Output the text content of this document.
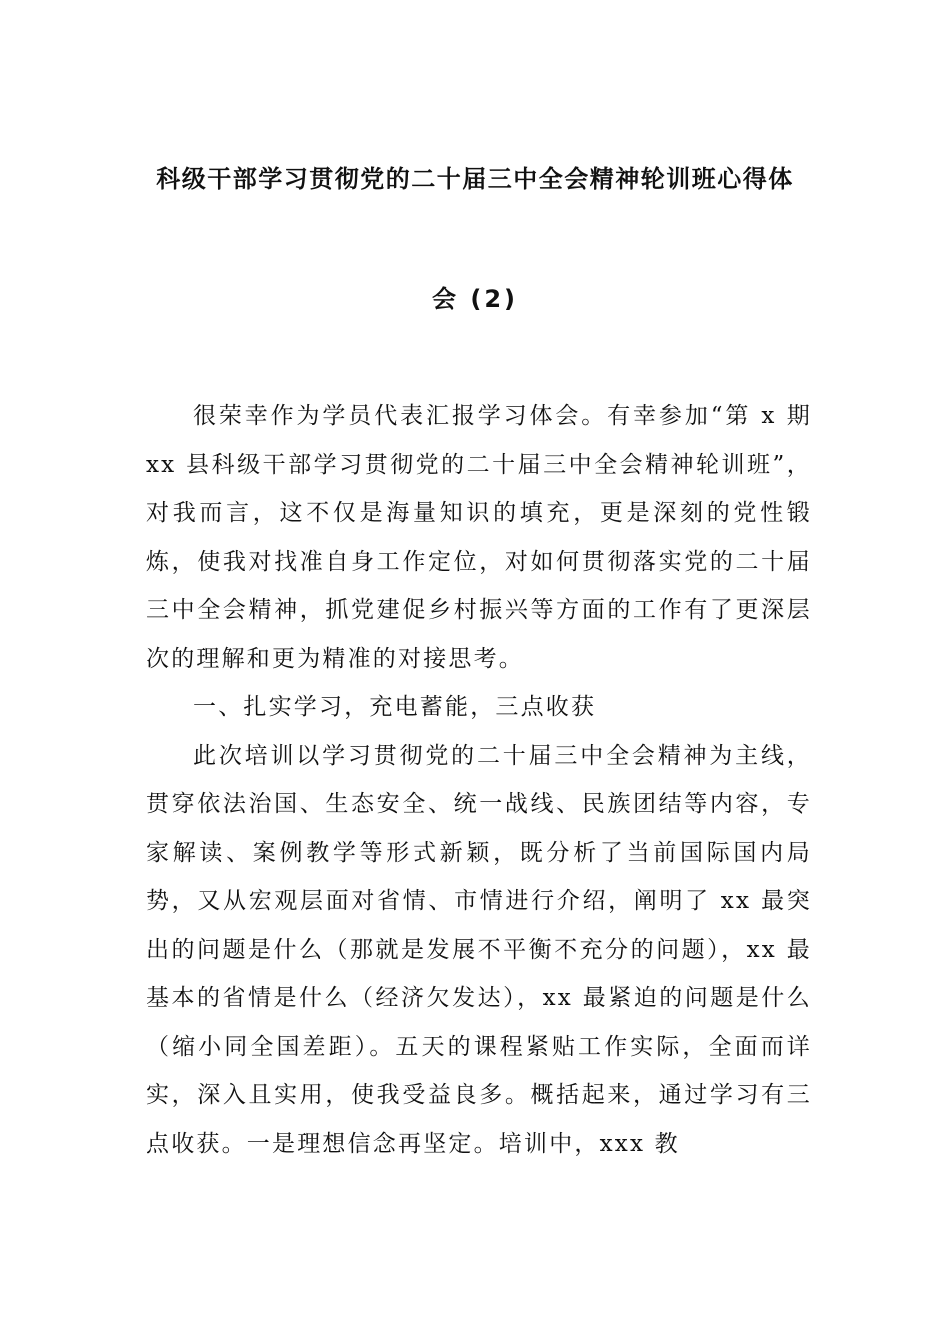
科级干部学习贯彻党的二十届三中全会精神轮训班心得体
会 (2)

很荣幸作为学员代表汇报学习体会。有幸参加“第 x 期 xx 县科级干部学习贯彻党的二十届三中全会精神轮训班”，对我而言，这不仅是海量知识的填充，更是深刻的党性锻炼，使我对找准自身工作定位，对如何贯彻落实党的二十届三中全会精神，抓党建促乡村振兴等方面的工作有了更深层次的理解和更为精准的对接思考。

一、扎实学习，充电蓄能，三点收获

此次培训以学习贯彻党的二十届三中全会精神为主线，贯穿依法治国、生态安全、统一战线、民族团结等内容，专家解读、案例教学等形式新颖，既分析了当前国际国内局势，又从宏观层面对省情、市情进行介绍，阐明了 xx 最突出的问题是什么（那就是发展不平衡不充分的问题），xx 最基本的省情是什么（经济欠发达），xx 最紧迫的问题是什么（缩小同全国差距）。五天的课程紧贴工作实际，全面而详实，深入且实用，使我受益良多。概括起来，通过学习有三点收获。一是理想信念再坚定。培训中，xxx 教
